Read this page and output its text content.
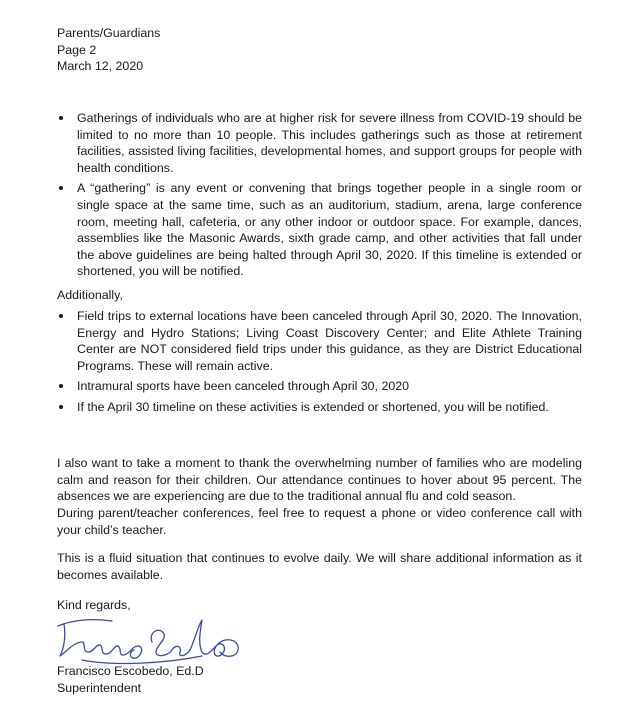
Parents/Guardians
Page 2
March 12, 2020
Gatherings of individuals who are at higher risk for severe illness from COVID-19 should be limited to no more than 10 people. This includes gatherings such as those at retirement facilities, assisted living facilities, developmental homes, and support groups for people with health conditions.
A “gathering” is any event or convening that brings together people in a single room or single space at the same time, such as an auditorium, stadium, arena, large conference room, meeting hall, cafeteria, or any other indoor or outdoor space. For example, dances, assemblies like the Masonic Awards, sixth grade camp, and other activities that fall under the above guidelines are being halted through April 30, 2020. If this timeline is extended or shortened, you will be notified.

Additionally,

Field trips to external locations have been canceled through April 30, 2020. The Innovation, Energy and Hydro Stations; Living Coast Discovery Center; and Elite Athlete Training Center are NOT considered field trips under this guidance, as they are District Educational Programs. These will remain active.
Intramural sports have been canceled through April 30, 2020
If the April 30 timeline on these activities is extended or shortened, you will be notified.

I also want to take a moment to thank the overwhelming number of families who are modeling calm and reason for their children. Our attendance continues to hover about 95 percent. The absences we are experiencing are due to the traditional annual flu and cold season.

During parent/teacher conferences, feel free to request a phone or video conference call with your child’s teacher.

This is a fluid situation that continues to evolve daily. We will share additional information as it becomes available.

Kind regards,

Francisco Escobedo, Ed.D
Superintendent
